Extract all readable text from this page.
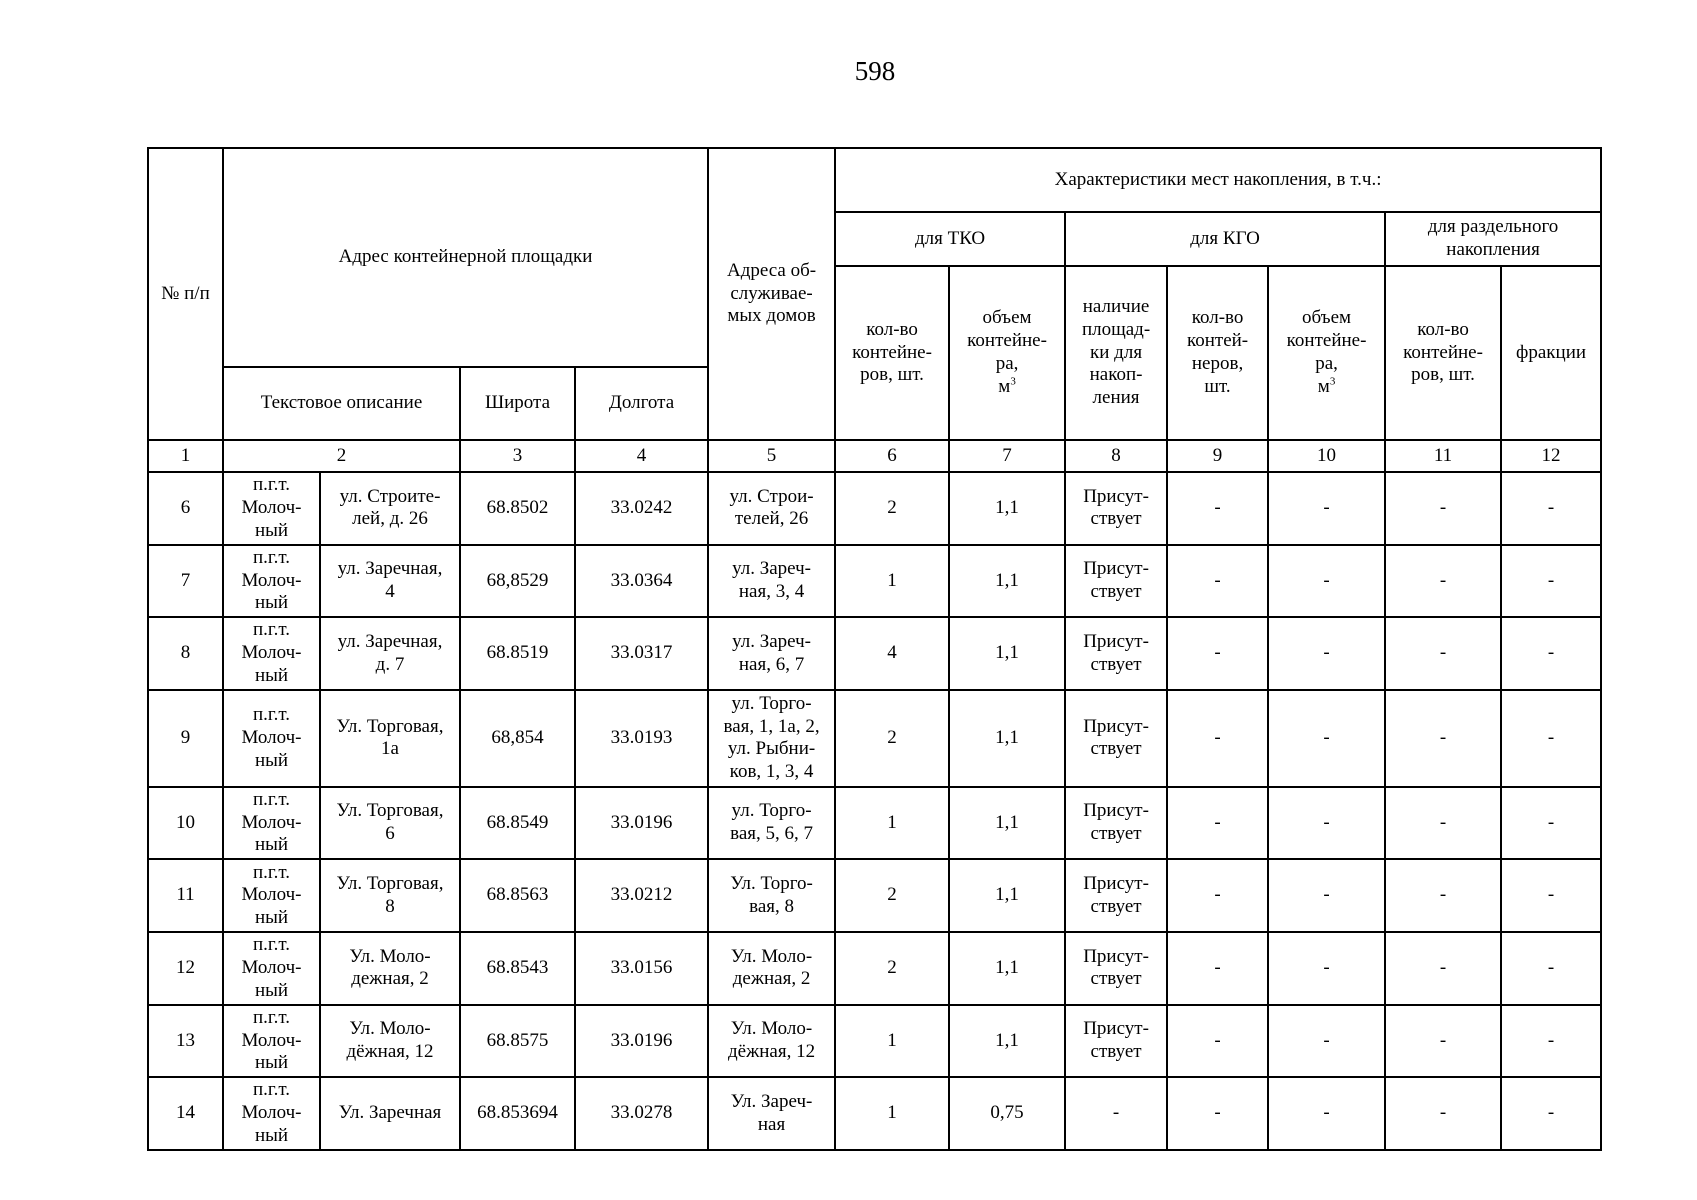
598
№ п/п	Адрес контейнерной площадки				Адреса об-
служивае-
мых домов	Характеристики мест накопления, в т.ч.:						
						для ТКО		для КГО			для раздельного
накопления	
						кол-во
контейне-
ров, шт.	объем
контейне-
ра,
$м^3$	наличие
площад-
ки для
накоп-
ления	кол-во
контей-
неров,
шт.	объем
контейне-
ра,
$м^3$	кол-во
контейне-
ров, шт.	фракции
	Текстовое описание		Широта	Долгота								
1	2		3	4	5	6	7	8	9	10	11	12
6	п.г.т.
Молоч-
ный	ул. Строите-
лей, д. 26	68.8502	33.0242	ул. Строи-
телей, 26	2	1,1	Присут-
ствует	-	-	-	-
7	п.г.т.
Молоч-
ный	ул. Заречная,
4	68,8529	33.0364	ул. Зареч-
ная, 3, 4	1	1,1	Присут-
ствует	-	-	-	-
8	п.г.т.
Молоч-
ный	ул. Заречная,
д. 7	68.8519	33.0317	ул. Зареч-
ная, 6, 7	4	1,1	Присут-
ствует	-	-	-	-
9	п.г.т.
Молоч-
ный	Ул. Торговая,
1а	68,854	33.0193	ул. Торго-
вая, 1, 1а, 2,
ул. Рыбни-
ков, 1, 3, 4	2	1,1	Присут-
ствует	-	-	-	-
10	п.г.т.
Молоч-
ный	Ул. Торговая,
6	68.8549	33.0196	ул. Торго-
вая, 5, 6, 7	1	1,1	Присут-
ствует	-	-	-	-
11	п.г.т.
Молоч-
ный	Ул. Торговая,
8	68.8563	33.0212	Ул. Торго-
вая, 8	2	1,1	Присут-
ствует	-	-	-	-
12	п.г.т.
Молоч-
ный	Ул. Моло-
дежная, 2	68.8543	33.0156	Ул. Моло-
дежная, 2	2	1,1	Присут-
ствует	-	-	-	-
13	п.г.т.
Молоч-
ный	Ул. Моло-
дёжная, 12	68.8575	33.0196	Ул. Моло-
дёжная, 12	1	1,1	Присут-
ствует	-	-	-	-
14	п.г.т.
Молоч-
ный	Ул. Заречная	68.853694	33.0278	Ул. Зареч-
ная	1	0,75	-	-	-	-	-
